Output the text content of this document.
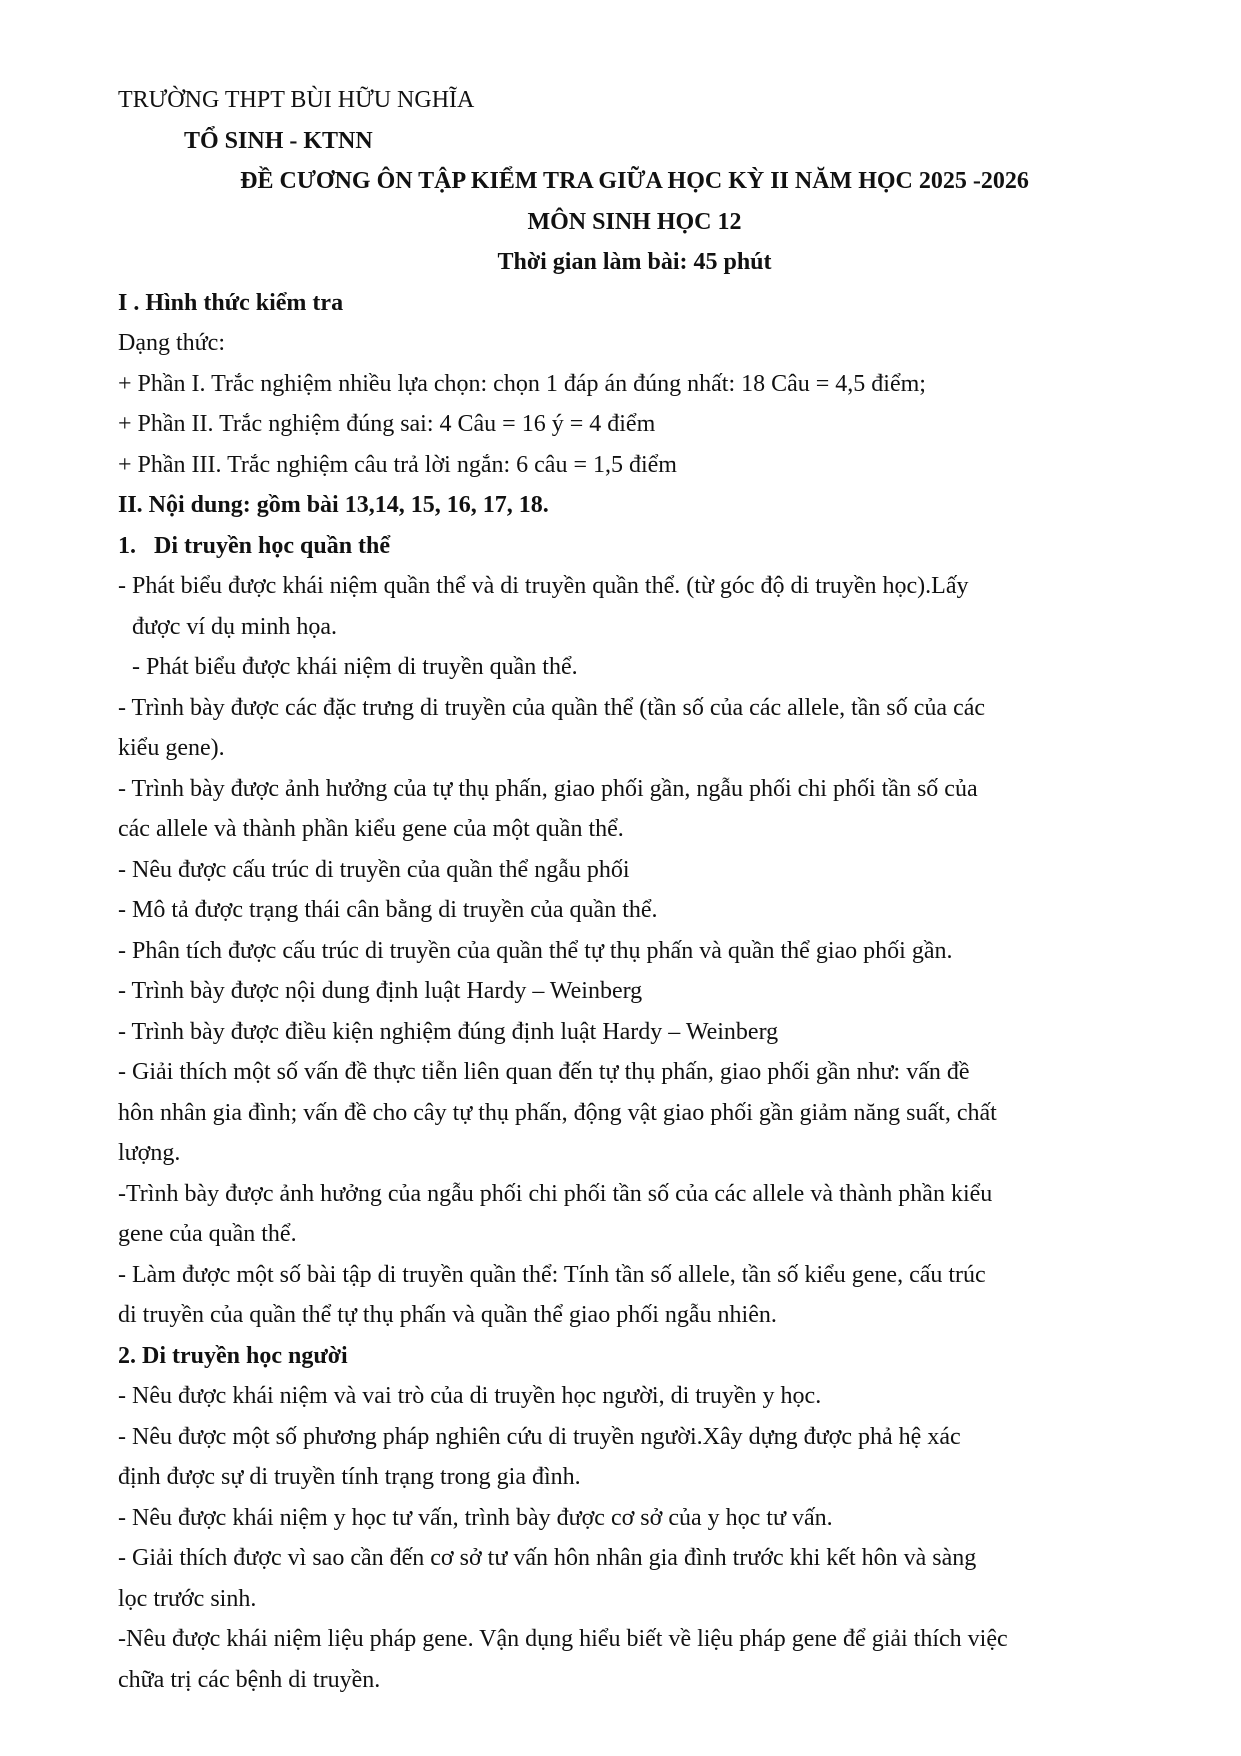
TRƯỜNG THPT BÙI HỮU NGHĨA
TỔ SINH - KTNN
ĐỀ CƯƠNG ÔN TẬP KIỂM TRA GIỮA HỌC KỲ II NĂM HỌC 2025 -2026
MÔN SINH HỌC 12
Thời gian làm bài: 45 phút
I . Hình thức kiểm tra
Dạng thức:
+ Phần I. Trắc nghiệm nhiều lựa chọn: chọn 1 đáp án đúng nhất: 18 Câu = 4,5 điểm;
+ Phần II. Trắc nghiệm đúng sai: 4 Câu = 16 ý = 4 điểm
+ Phần III. Trắc nghiệm câu trả lời ngắn: 6 câu = 1,5 điểm
II. Nội dung: gồm bài 13,14, 15, 16, 17, 18.
1.   Di truyền học quần thể
- Phát biểu được khái niệm quần thể và di truyền quần thể. (từ góc độ di truyền học).Lấy
được ví dụ minh họa.
- Phát biểu được khái niệm di truyền quần thể.
- Trình bày được các đặc trưng di truyền của quần thể (tần số của các allele, tần số của các
kiểu gene).
- Trình bày được ảnh hưởng của tự thụ phấn, giao phối gần, ngẫu phối chi phối tần số của
các allele và thành phần kiểu gene của một quần thể.
- Nêu được cấu trúc di truyền của quần thể ngẫu phối
- Mô tả được trạng thái cân bằng di truyền của quần thể.
- Phân tích được cấu trúc di truyền của quần thể tự thụ phấn và quần thể giao phối gần.
- Trình bày được nội dung định luật Hardy – Weinberg
- Trình bày được điều kiện nghiệm đúng định luật Hardy – Weinberg
- Giải thích một số vấn đề thực tiễn liên quan đến tự thụ phấn, giao phối gần như: vấn đề
hôn nhân gia đình; vấn đề cho cây tự thụ phấn, động vật giao phối gần giảm năng suất, chất
lượng.
-Trình bày được ảnh hưởng của ngẫu phối chi phối tần số của các allele và thành phần kiểu
gene của quần thể.
- Làm được một số bài tập di truyền quần thể: Tính tần số allele, tần số kiểu gene, cấu trúc
di truyền của quần thể tự thụ phấn và quần thể giao phối ngẫu nhiên.
2. Di truyền học người
- Nêu được khái niệm và vai trò của di truyền học người, di truyền y học.
- Nêu được một số phương pháp nghiên cứu di truyền người.Xây dựng được phả hệ xác
định được sự di truyền tính trạng trong gia đình.
- Nêu được khái niệm y học tư vấn, trình bày được cơ sở của y học tư vấn.
- Giải thích được vì sao cần đến cơ sở tư vấn hôn nhân gia đình trước khi kết hôn và sàng
lọc trước sinh.
-Nêu được khái niệm liệu pháp gene. Vận dụng hiểu biết về liệu pháp gene để giải thích việc
chữa trị các bệnh di truyền.
